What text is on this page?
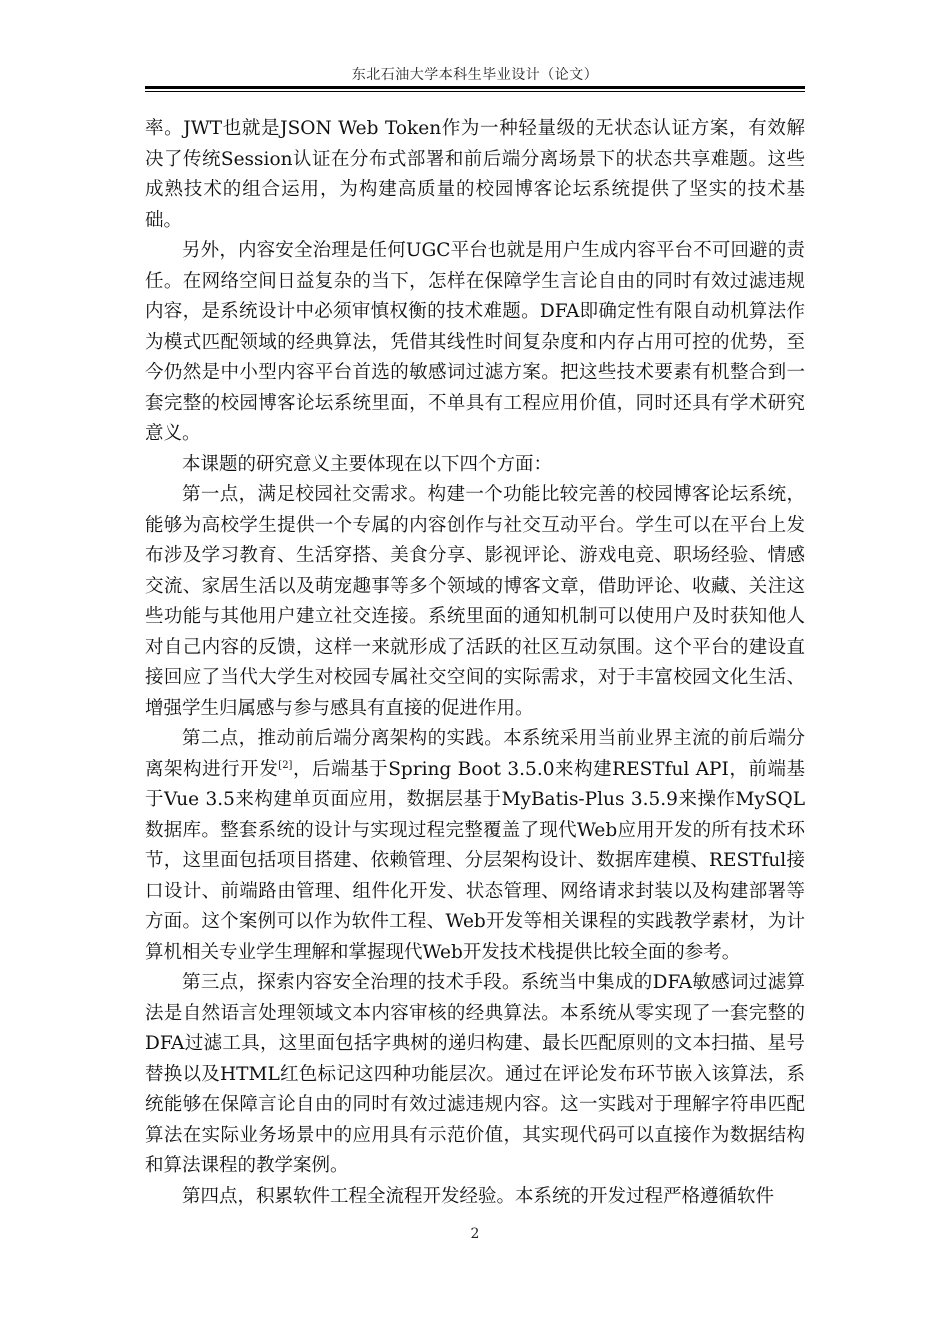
东北石油大学本科生毕业设计（论文）

率。JWT也就是JSON Web Token作为一种轻量级的无状态认证方案，有效解决了传统Session认证在分布式部署和前后端分离场景下的状态共享难题。这些成熟技术的组合运用，为构建高质量的校园博客论坛系统提供了坚实的技术基础。

另外，内容安全治理是任何UGC平台也就是用户生成内容平台不可回避的责任。在网络空间日益复杂的当下，怎样在保障学生言论自由的同时有效过滤违规内容，是系统设计中必须审慎权衡的技术难题。DFA即确定性有限自动机算法作为模式匹配领域的经典算法，凭借其线性时间复杂度和内存占用可控的优势，至今仍然是中小型内容平台首选的敏感词过滤方案。把这些技术要素有机整合到一套完整的校园博客论坛系统里面，不单具有工程应用价值，同时还具有学术研究意义。

本课题的研究意义主要体现在以下四个方面：

第一点，满足校园社交需求。构建一个功能比较完善的校园博客论坛系统，能够为高校学生提供一个专属的内容创作与社交互动平台。学生可以在平台上发布涉及学习教育、生活穿搭、美食分享、影视评论、游戏电竞、职场经验、情感交流、家居生活以及萌宠趣事等多个领域的博客文章，借助评论、收藏、关注这些功能与其他用户建立社交连接。系统里面的通知机制可以使用户及时获知他人对自己内容的反馈，这样一来就形成了活跃的社区互动氛围。这个平台的建设直接回应了当代大学生对校园专属社交空间的实际需求，对于丰富校园文化生活、增强学生归属感与参与感具有直接的促进作用。

第二点，推动前后端分离架构的实践。本系统采用当前业界主流的前后端分离架构进行开发[2]，后端基于Spring Boot 3.5.0来构建RESTful API，前端基于Vue 3.5来构建单页面应用，数据层基于MyBatis-Plus 3.5.9来操作MySQL数据库。整套系统的设计与实现过程完整覆盖了现代Web应用开发的所有技术环节，这里面包括项目搭建、依赖管理、分层架构设计、数据库建模、RESTful接口设计、前端路由管理、组件化开发、状态管理、网络请求封装以及构建部署等方面。这个案例可以作为软件工程、Web开发等相关课程的实践教学素材，为计算机相关专业学生理解和掌握现代Web开发技术栈提供比较全面的参考。

第三点，探索内容安全治理的技术手段。系统当中集成的DFA敏感词过滤算法是自然语言处理领域文本内容审核的经典算法。本系统从零实现了一套完整的DFA过滤工具，这里面包括字典树的递归构建、最长匹配原则的文本扫描、星号替换以及HTML红色标记这四种功能层次。通过在评论发布环节嵌入该算法，系统能够在保障言论自由的同时有效过滤违规内容。这一实践对于理解字符串匹配算法在实际业务场景中的应用具有示范价值，其实现代码可以直接作为数据结构和算法课程的教学案例。

第四点，积累软件工程全流程开发经验。本系统的开发过程严格遵循软件

2
